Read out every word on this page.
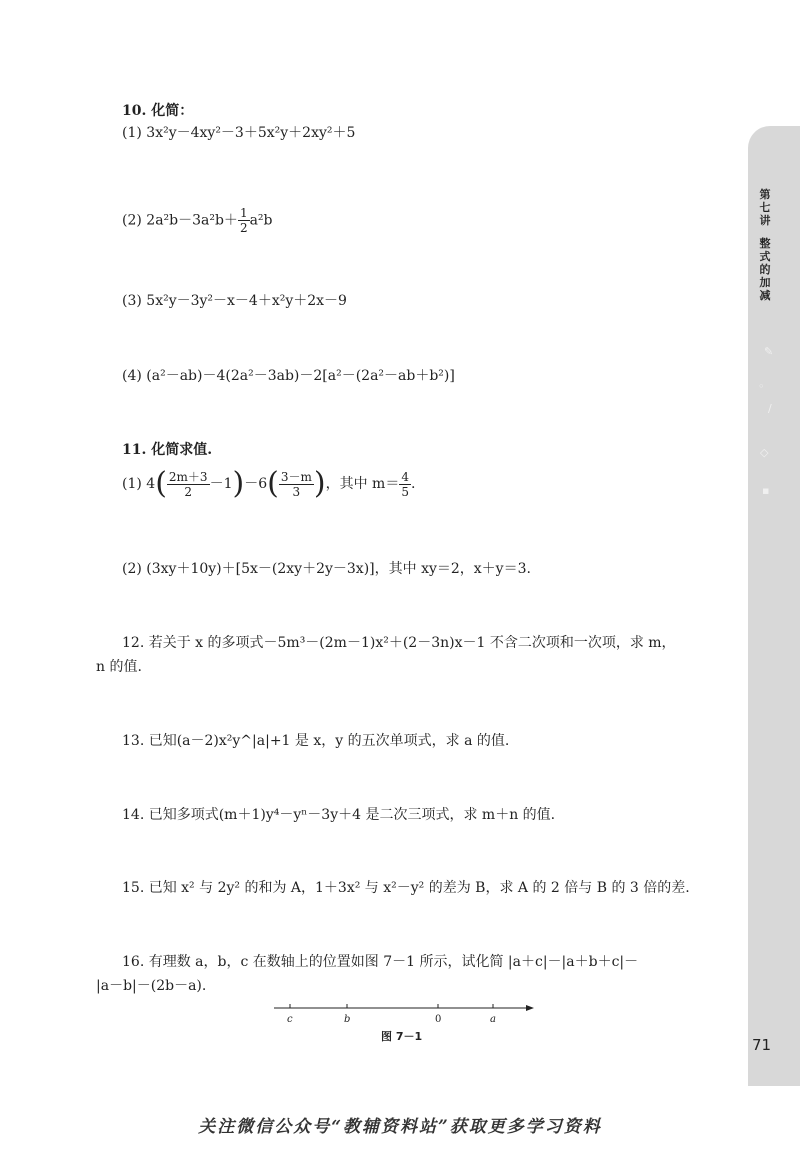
第七讲
整式的加减
✎
◦
∕
◇
▪
71
10. 化简：
(1) 3x²y－4xy²－3＋5x²y＋2xy²＋5
(2) $2a^2b-3a^2b+ \frac{1}{2} a^2b$
(3) 5x²y－3y²－x－4＋x²y＋2x－9
(4) (a²－ab)－4(2a²－3ab)－2[a²－(2a²－ab＋b²)]
11. 化简求值.
(1) $4( \frac{2m+3}{2} -1)-6( \frac{3-m}{3}$ )，其中 $m= \frac{4}{5}$ .
(2) (3xy＋10y)＋[5x－(2xy＋2y－3x)]，其中 xy＝2，x＋y＝3.
12. 若关于 x 的多项式－5m³－(2m－1)x²＋(2－3n)x－1 不含二次项和一次项，求 m，
n 的值.
13. 已知(a－2)x²y^|a|+1 是 x，y 的五次单项式，求 a 的值.
14. 已知多项式(m＋1)y⁴－yⁿ－3y＋4 是二次三项式，求 m＋n 的值.
15. 已知 x² 与 2y² 的和为 A，1＋3x² 与 x²－y² 的差为 B，求 A 的 2 倍与 B 的 3 倍的差.
16. 有理数 a，b，c 在数轴上的位置如图 7－1 所示，试化简 |a＋c|－|a＋b＋c|－
|a－b|－(2b－a).
c	b	0	a
图 7－1
关注微信公众号“教辅资料站”获取更多学习资料
